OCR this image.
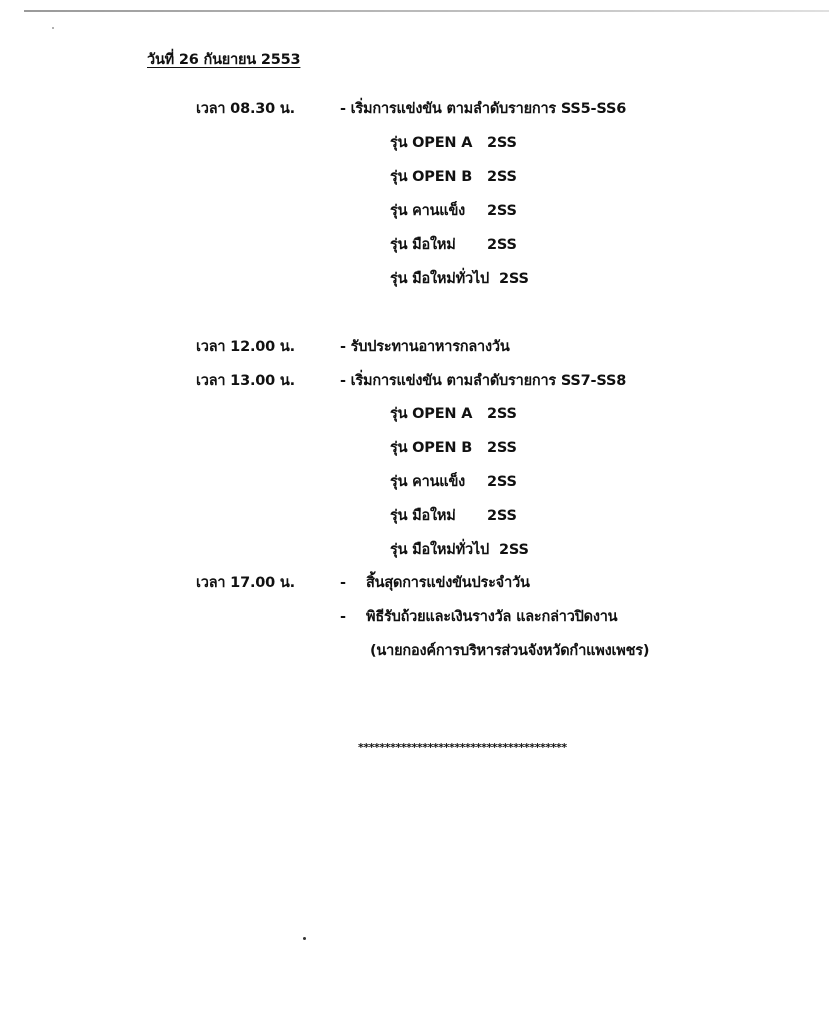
วันที่ 26 กันยายน 2553
เวลา 08.30 น.	- เริ่มการแข่งขัน ตามลำดับรายการ SS5-SS6
รุ่น OPEN A 2SS
รุ่น OPEN B 2SS
รุ่น คานแข็ง 2SS
รุ่น มือใหม่ 2SS
รุ่น มือใหม่ทั่วไป 2SS
เวลา 12.00 น.	- รับประทานอาหารกลางวัน
เวลา 13.00 น.	- เริ่มการแข่งขัน ตามลำดับรายการ SS7-SS8
รุ่น OPEN A 2SS
รุ่น OPEN B 2SS
รุ่น คานแข็ง 2SS
รุ่น มือใหม่ 2SS
รุ่น มือใหม่ทั่วไป 2SS
เวลา 17.00 น.	- สิ้นสุดการแข่งขันประจำวัน
- พิธีรับถ้วยและเงินรางวัล และกล่าวปิดงาน
(นายกองค์การบริหารส่วนจังหวัดกำแพงเพชร)
***************************************
